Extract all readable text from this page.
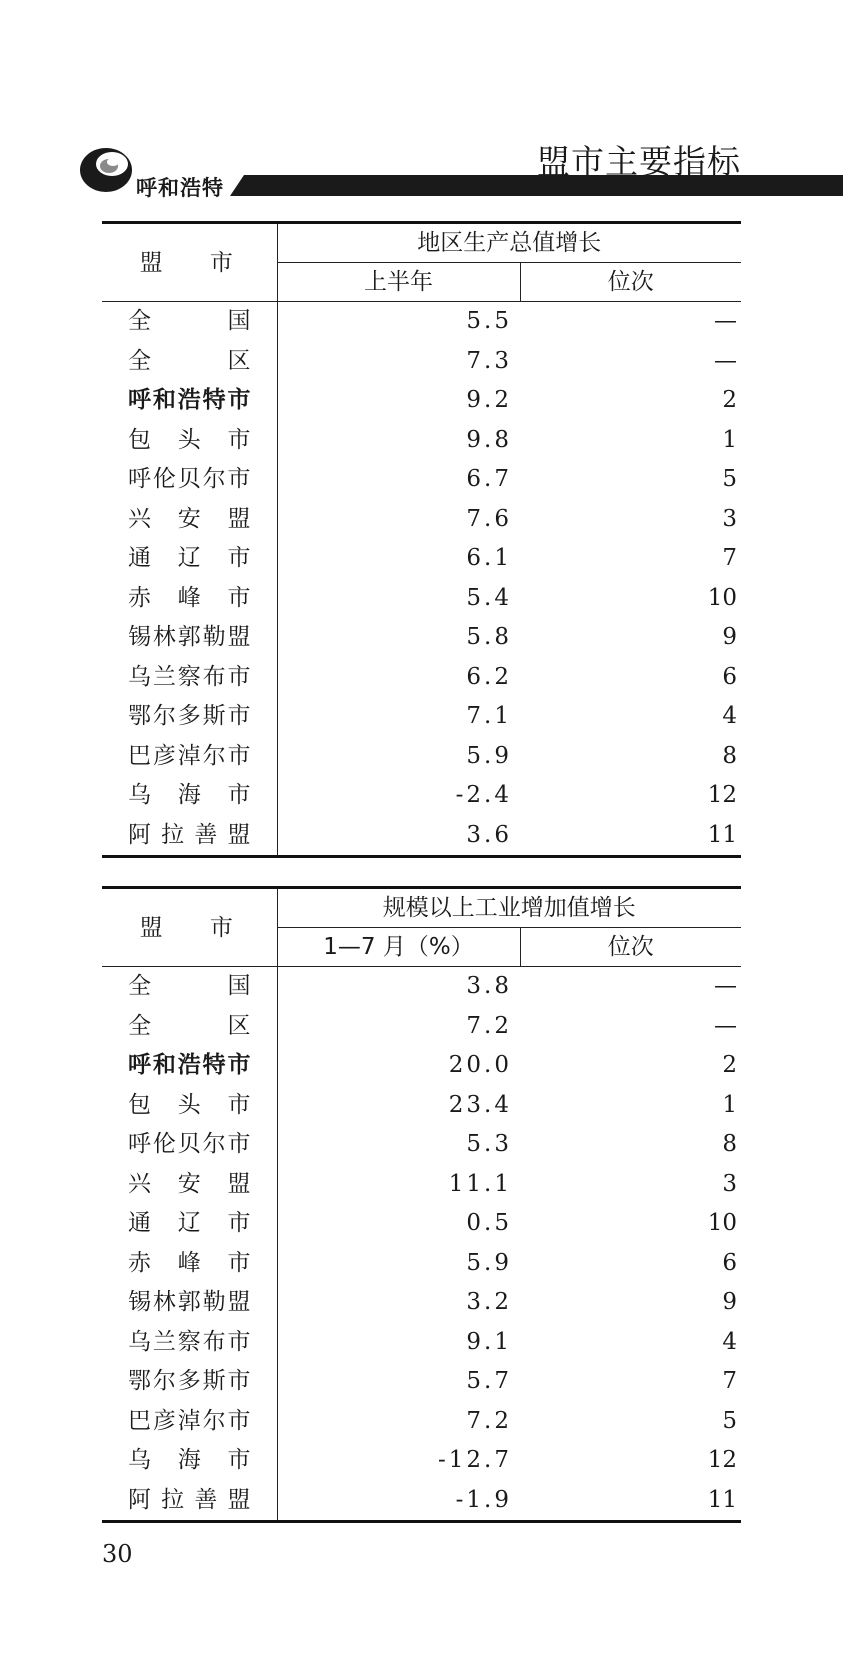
呼和浩特
盟市主要指标
盟 市	地区生产总值增长	
	上半年	位次
全国	5.5	—
全区	7.3	—
呼和浩特市	9.2	2
包头市	9.8	1
呼伦贝尔市	6.7	5
兴安盟	7.6	3
通辽市	6.1	7
赤峰市	5.4	10
锡林郭勒盟	5.8	9
乌兰察布市	6.2	6
鄂尔多斯市	7.1	4
巴彦淖尔市	5.9	8
乌海市	-2.4	12
阿拉善盟	3.6	11
盟 市	规模以上工业增加值增长	
	1—7 月（%）	位次
全国	3.8	—
全区	7.2	—
呼和浩特市	20.0	2
包头市	23.4	1
呼伦贝尔市	5.3	8
兴安盟	11.1	3
通辽市	0.5	10
赤峰市	5.9	6
锡林郭勒盟	3.2	9
乌兰察布市	9.1	4
鄂尔多斯市	5.7	7
巴彦淖尔市	7.2	5
乌海市	-12.7	12
阿拉善盟	-1.9	11
30
